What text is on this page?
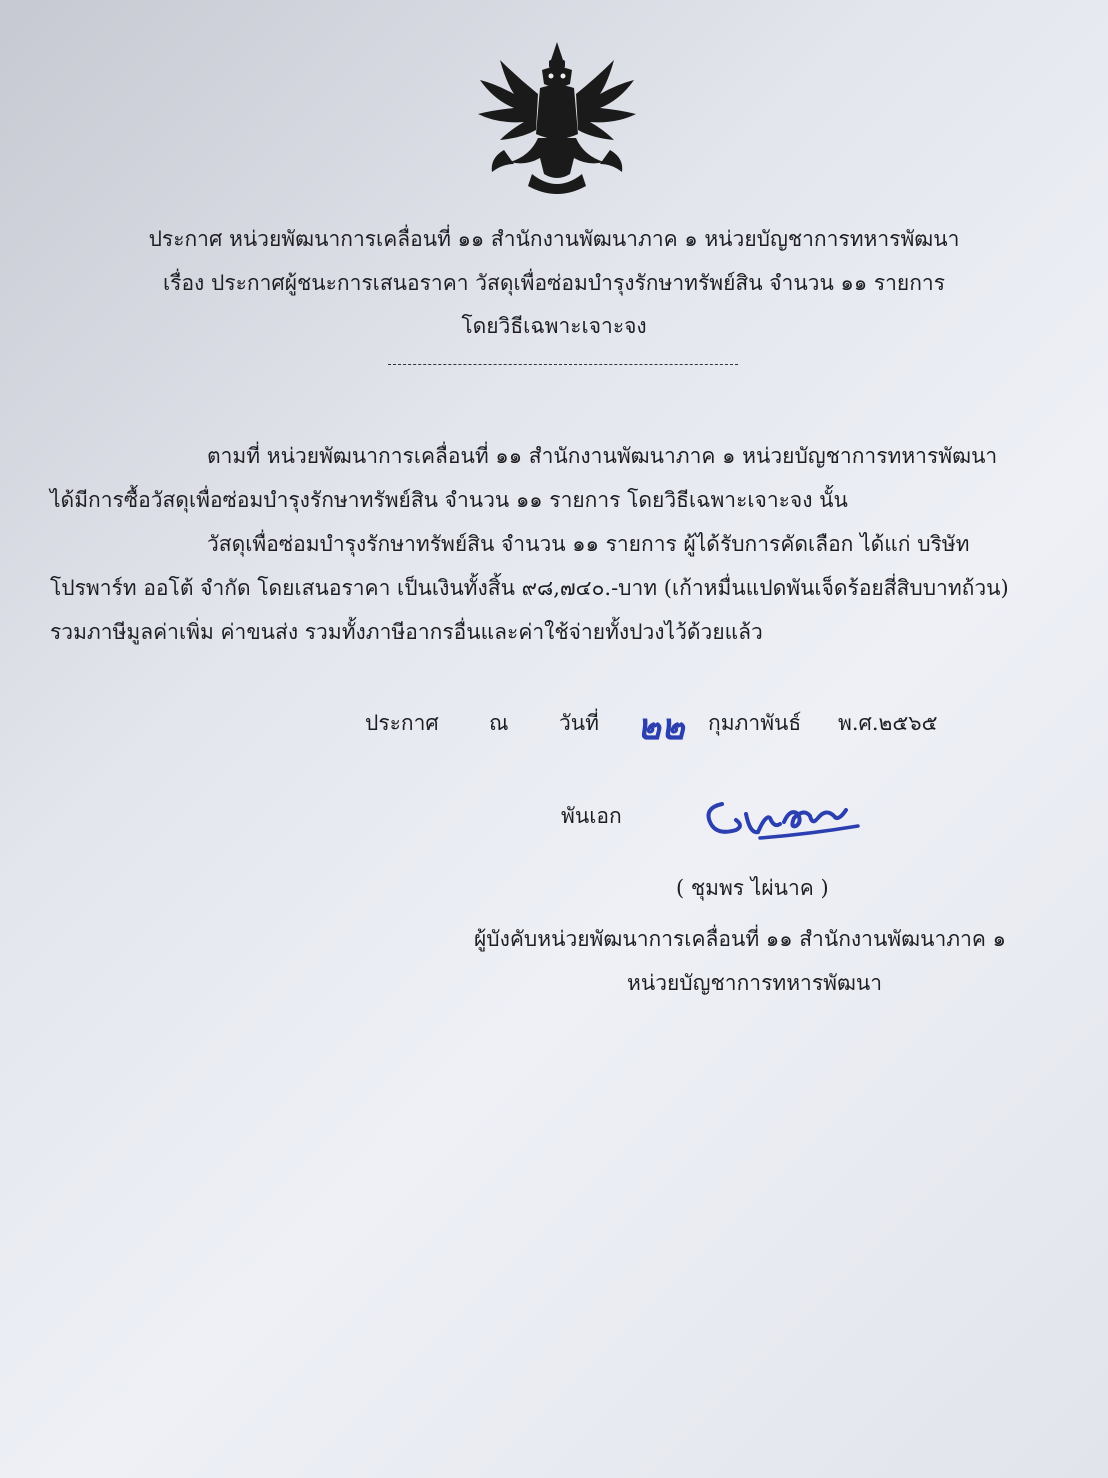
ประกาศ หน่วยพัฒนาการเคลื่อนที่ ๑๑ สำนักงานพัฒนาภาค ๑ หน่วยบัญชาการทหารพัฒนา
เรื่อง ประกาศผู้ชนะการเสนอราคา วัสดุเพื่อซ่อมบำรุงรักษาทรัพย์สิน จำนวน ๑๑ รายการ
โดยวิธีเฉพาะเจาะจง
ตามที่ หน่วยพัฒนาการเคลื่อนที่ ๑๑ สำนักงานพัฒนาภาค ๑ หน่วยบัญชาการทหารพัฒนา
ได้มีการซื้อวัสดุเพื่อซ่อมบำรุงรักษาทรัพย์สิน จำนวน ๑๑ รายการ โดยวิธีเฉพาะเจาะจง นั้น
วัสดุเพื่อซ่อมบำรุงรักษาทรัพย์สิน จำนวน ๑๑ รายการ ผู้ได้รับการคัดเลือก ได้แก่ บริษัท
โปรพาร์ท ออโต้ จำกัด โดยเสนอราคา เป็นเงินทั้งสิ้น ๙๘,๗๔๐.-บาท (เก้าหมื่นแปดพันเจ็ดร้อยสี่สิบบาทถ้วน)
รวมภาษีมูลค่าเพิ่ม ค่าขนส่ง รวมทั้งภาษีอากรอื่นและค่าใช้จ่ายทั้งปวงไว้ด้วยแล้ว
ประกาศ ณ วันที่ ๒๒ กุมภาพันธ์ พ.ศ.๒๕๖๕
พันเอก
( ชุมพร ไผ่นาค )
ผู้บังคับหน่วยพัฒนาการเคลื่อนที่ ๑๑ สำนักงานพัฒนาภาค ๑
หน่วยบัญชาการทหารพัฒนา
